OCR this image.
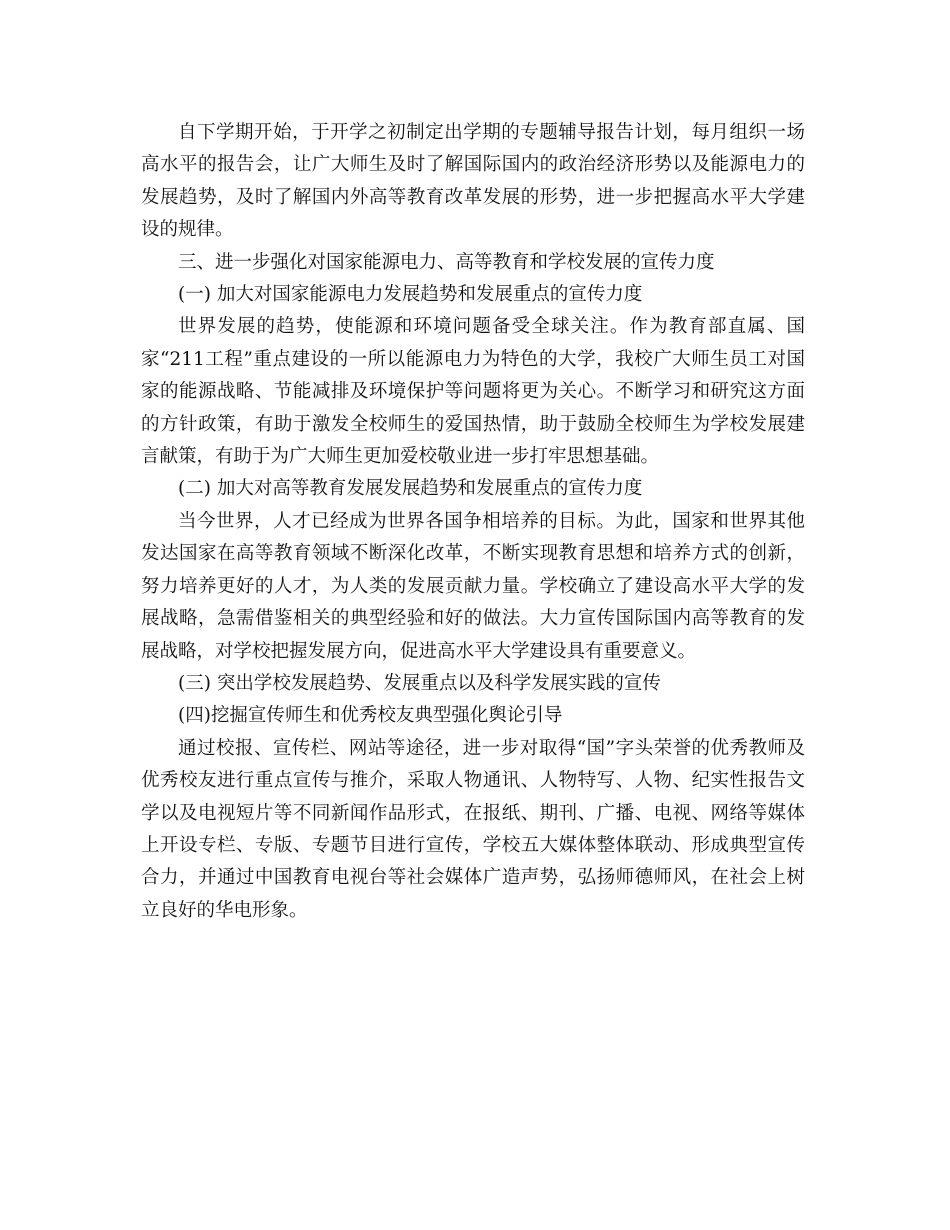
自下学期开始，于开学之初制定出学期的专题辅导报告计划，每月组织一场高水平的报告会，让广大师生及时了解国际国内的政治经济形势以及能源电力的发展趋势，及时了解国内外高等教育改革发展的形势，进一步把握高水平大学建设的规律。

三、进一步强化对国家能源电力、高等教育和学校发展的宣传力度

(一) 加大对国家能源电力发展趋势和发展重点的宣传力度

世界发展的趋势，使能源和环境问题备受全球关注。作为教育部直属、国家“211工程”重点建设的一所以能源电力为特色的大学，我校广大师生员工对国家的能源战略、节能减排及环境保护等问题将更为关心。不断学习和研究这方面的方针政策，有助于激发全校师生的爱国热情，助于鼓励全校师生为学校发展建言献策，有助于为广大师生更加爱校敬业进一步打牢思想基础。

(二) 加大对高等教育发展发展趋势和发展重点的宣传力度

当今世界，人才已经成为世界各国争相培养的目标。为此，国家和世界其他发达国家在高等教育领域不断深化改革，不断实现教育思想和培养方式的创新，努力培养更好的人才，为人类的发展贡献力量。学校确立了建设高水平大学的发展战略，急需借鉴相关的典型经验和好的做法。大力宣传国际国内高等教育的发展战略，对学校把握发展方向，促进高水平大学建设具有重要意义。

(三) 突出学校发展趋势、发展重点以及科学发展实践的宣传

(四)挖掘宣传师生和优秀校友典型强化舆论引导

通过校报、宣传栏、网站等途径，进一步对取得“国”字头荣誉的优秀教师及优秀校友进行重点宣传与推介，采取人物通讯、人物特写、人物、纪实性报告文学以及电视短片等不同新闻作品形式，在报纸、期刊、广播、电视、网络等媒体上开设专栏、专版、专题节目进行宣传，学校五大媒体整体联动、形成典型宣传合力，并通过中国教育电视台等社会媒体广造声势，弘扬师德师风，在社会上树立良好的华电形象。
